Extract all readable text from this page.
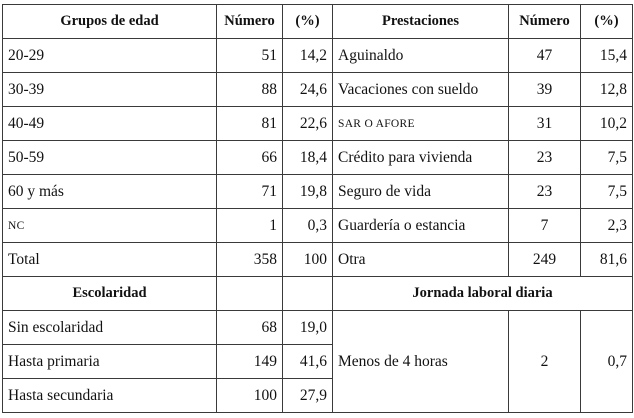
Grupos de edad	Número	(%)	Prestaciones	Número	(%)
20-29	51	14,2	Aguinaldo	47	15,4
30-39	88	24,6	Vacaciones con sueldo	39	12,8
40-49	81	22,6	SAR O AFORE	31	10,2
50-59	66	18,4	Crédito para vivienda	23	7,5
60 y más	71	19,8	Seguro de vida	23	7,5
NC	1	0,3	Guardería o estancia	7	2,3
Total	358	100	Otra	249	81,6
Escolaridad			Jornada laboral diaria		
Sin escolaridad	68	19,0	Menos de 4 horas	2	0,7
Hasta primaria	149	41,6			
Hasta secundaria	100	27,9			
